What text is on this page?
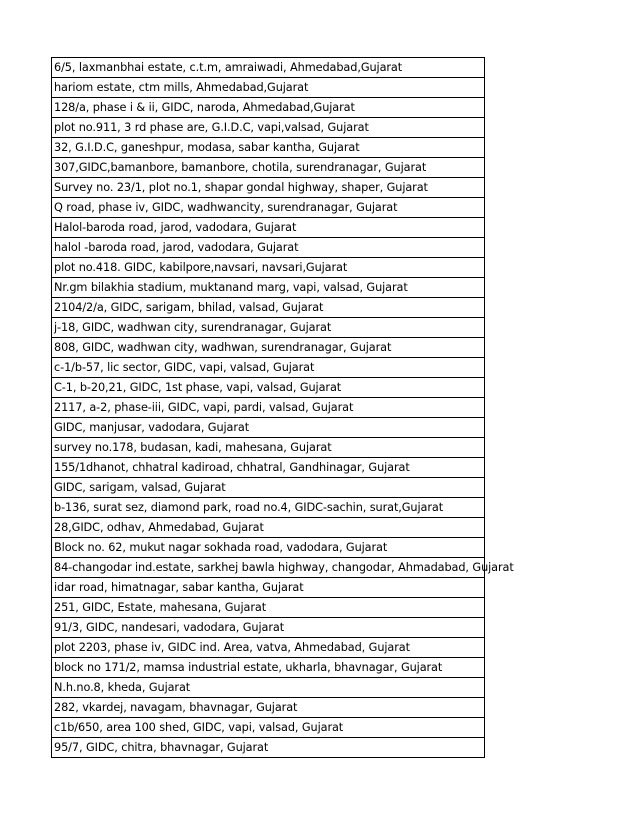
6/5, laxmanbhai estate, c.t.m, amraiwadi, Ahmedabad,Gujarat
hariom estate, ctm mills, Ahmedabad,Gujarat
128/a, phase i & ii, GIDC, naroda, Ahmedabad,Gujarat
plot no.911, 3 rd phase are, G.I.D.C, vapi,valsad, Gujarat
32, G.I.D.C, ganeshpur, modasa, sabar kantha, Gujarat
307,GIDC,bamanbore, bamanbore, chotila, surendranagar, Gujarat
Survey no. 23/1, plot no.1, shapar gondal highway, shaper, Gujarat
Q road, phase iv, GIDC, wadhwancity, surendranagar, Gujarat
Halol-baroda road, jarod, vadodara, Gujarat
halol -baroda road, jarod, vadodara, Gujarat
plot no.418. GIDC, kabilpore,navsari, navsari,Gujarat
Nr.gm bilakhia stadium, muktanand marg, vapi, valsad, Gujarat
2104/2/a, GIDC, sarigam, bhilad, valsad, Gujarat
j-18, GIDC, wadhwan city, surendranagar, Gujarat
808, GIDC, wadhwan city, wadhwan, surendranagar, Gujarat
c-1/b-57, lic sector, GIDC, vapi, valsad, Gujarat
C-1, b-20,21, GIDC, 1st phase, vapi, valsad, Gujarat
2117, a-2, phase-iii, GIDC, vapi, pardi, valsad, Gujarat
GIDC, manjusar, vadodara, Gujarat
survey no.178, budasan, kadi, mahesana, Gujarat
155/1dhanot, chhatral kadiroad, chhatral, Gandhinagar, Gujarat
GIDC, sarigam, valsad, Gujarat
b-136, surat sez, diamond park, road no.4, GIDC-sachin, surat,Gujarat
28,GIDC, odhav, Ahmedabad, Gujarat
Block no. 62, mukut nagar sokhada road, vadodara, Gujarat
84-changodar ind.estate, sarkhej bawla highway, changodar, Ahmadabad, Gujarat
idar road, himatnagar, sabar kantha, Gujarat
251, GIDC, Estate, mahesana, Gujarat
91/3, GIDC, nandesari, vadodara, Gujarat
plot 2203, phase iv, GIDC ind. Area, vatva, Ahmedabad, Gujarat
block no 171/2, mamsa industrial estate, ukharla, bhavnagar, Gujarat
N.h.no.8, kheda, Gujarat
282, vkardej, navagam, bhavnagar, Gujarat
c1b/650, area 100 shed, GIDC, vapi, valsad, Gujarat
95/7, GIDC, chitra, bhavnagar, Gujarat
